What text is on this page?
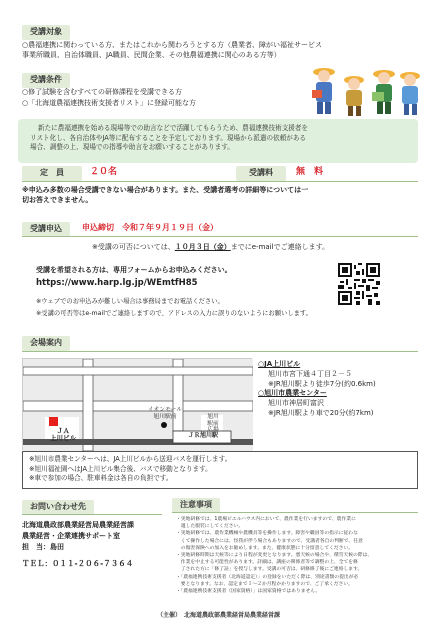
受講対象
○農福連携に関わっている方、またはこれから関わろうとする方（農業者、障がい福祉サービス
事業所職員、自治体職員、JA職員、民間企業、その他農福連携に関心のある方等）
受講条件
○修了試験を含むすべての研修課程を受講できる方
○「北海道農福連携技術支援者リスト」に登録可能な方
新たに農福連携を始める現場等での助言などで活躍してもらうため、農福連携技術支援者を
リスト化し、各自治体やJA等に配布することを予定しております。現場から派遣の依頼がある
場合、調整の上、現場での指導や助言をお願いすることがあります。
定　員	２０名	受講料	無　料
※申込み多数の場合受講できない場合があります。また、受講者選考の詳細等については一
切お答えできません。
受講申込	申込締切　令和７年９月１９日（金）
※受講の可否については、１０月３日（金）までにe-mailでご連絡します。
受講を希望される方は、専用フォームからお申込みください。
https://www.harp.lg.jp/WEmtfH85
※ウェブでのお申込みが難しい場合は事務局までお電話ください。
※受講の可否等はe-mailでご連絡しますので、アドレスの入力に誤りのないようにお願いします。
会場案内
ＪＡ
上川ビル
イオンモール
旭川駅前	旭川
駅前
広場
ＪＲ旭川駅
○JA上川ビル
旭川市宮下通４丁目２－５
※JR旭川駅より徒歩7分(約0.6km)
○旭川市農業センター
旭川市神居町富沢
※JR旭川駅より車で20分(約7km)
※旭川市農業センターへは、JA上川ビルから送迎バスを運行します。
※旭川福祉園へはJA上川ビル集合後、バスで移動となります。
※車で参加の場合、駐車料金は各自の負担です。
お問い合わせ先
北海道農政部農業経営局農業経営課
農業経営・企業連携サポート室
担　当：島田
ＴＥＬ：０１１-２０６-７３６４
注意事項
・実地研修では、1農場ピエルハウス内において、農作業を行いますので、農作業に
　適した服装にしてください。
・実地研修では、農作業機械や農機具等を操作します。障害や職員等の指示に従わな
　くて操作した場合には、怪我が伴う場合もありますので、受講者各自の判断で、任意
　の傷害保険への加入をお勧めします。また、健康状態に十分留意してください。
・実地研修時期は天候等により日程が変更となります。悪天候の場合や、積雪天候の際は、
　作業を中止する可能性があります。詳細は、講座の関係者等で調整の上、全てを修
　了された方に「修了証」を授与します。受講の可否は、研修修了後にご連絡します。
・「農福連携技術支援者（北海道認定）」の登録をいただく際は、別途書類の提出が必
　要となります。なお、認定まで１～２か月程かかりますので、ご了承ください。
・「農福連携技術支援者（国家資格）」は国家資格ではありません。
（主催）　北海道農政部農業経営局農業経営課
